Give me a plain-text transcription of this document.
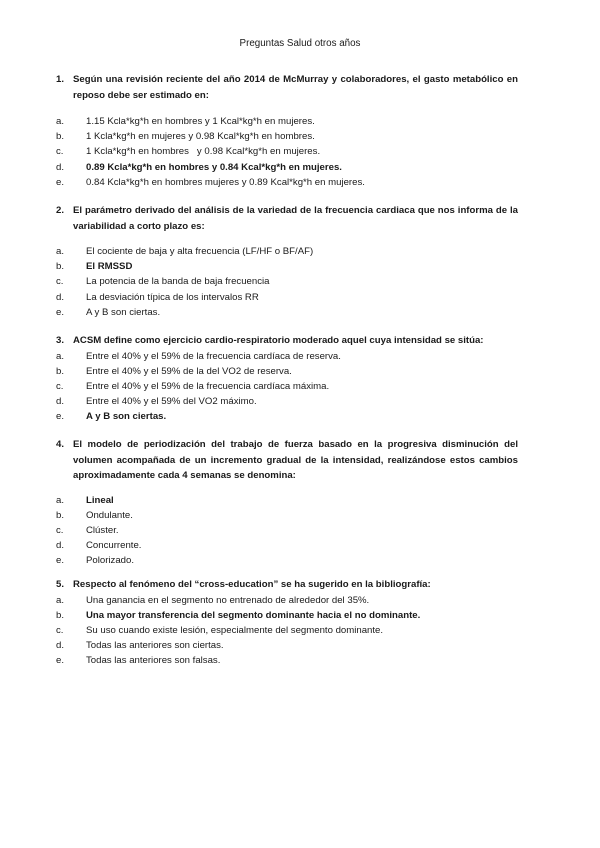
Preguntas Salud otros años
1. Según una revisión reciente del año 2014 de McMurray y colaboradores, el gasto metabólico en reposo debe ser estimado en:
a.	1.15 Kcla*kg*h en hombres y 1 Kcal*kg*h en mujeres.
b.	1 Kcla*kg*h en mujeres y 0.98 Kcal*kg*h en hombres.
c.	1 Kcla*kg*h en hombres   y 0.98 Kcal*kg*h en mujeres.
d.	0.89 Kcla*kg*h en hombres y 0.84 Kcal*kg*h en mujeres.
e.	0.84 Kcla*kg*h en hombres mujeres y 0.89 Kcal*kg*h en mujeres.
2. El parámetro derivado del análisis de la variedad de la frecuencia cardiaca que nos informa de la variabilidad a corto plazo es:
a.	El cociente de baja y alta frecuencia (LF/HF o BF/AF)
b.	El RMSSD
c.	La potencia de la banda de baja frecuencia
d.	La desviación típica de los intervalos RR
e.	A y B son ciertas.
3. ACSM define como ejercicio cardio-respiratorio moderado aquel cuya intensidad se sitúa:
a.	Entre el 40% y el 59% de la frecuencia cardíaca de reserva.
b.	Entre el 40% y el 59% de la del VO2 de reserva.
c.	Entre el 40% y el 59% de la frecuencia cardíaca máxima.
d.	Entre el 40% y el 59% del VO2 máximo.
e.	A y B son ciertas.
4. El modelo de periodización del trabajo de fuerza basado en la progresiva disminución del volumen acompañada de un incremento gradual de la intensidad, realizándose estos cambios aproximadamente cada 4 semanas se denomina:
a.	Lineal
b.	Ondulante.
c.	Clúster.
d.	Concurrente.
e.	Polorizado.
5. Respecto al fenómeno del “cross-education” se ha sugerido en la bibliografía:
a.	Una ganancia en el segmento no entrenado de alrededor del 35%.
b.	Una mayor transferencia del segmento dominante hacia el no dominante.
c.	Su uso cuando existe lesión, especialmente del segmento dominante.
d.	Todas las anteriores son ciertas.
e.	Todas las anteriores son falsas.
